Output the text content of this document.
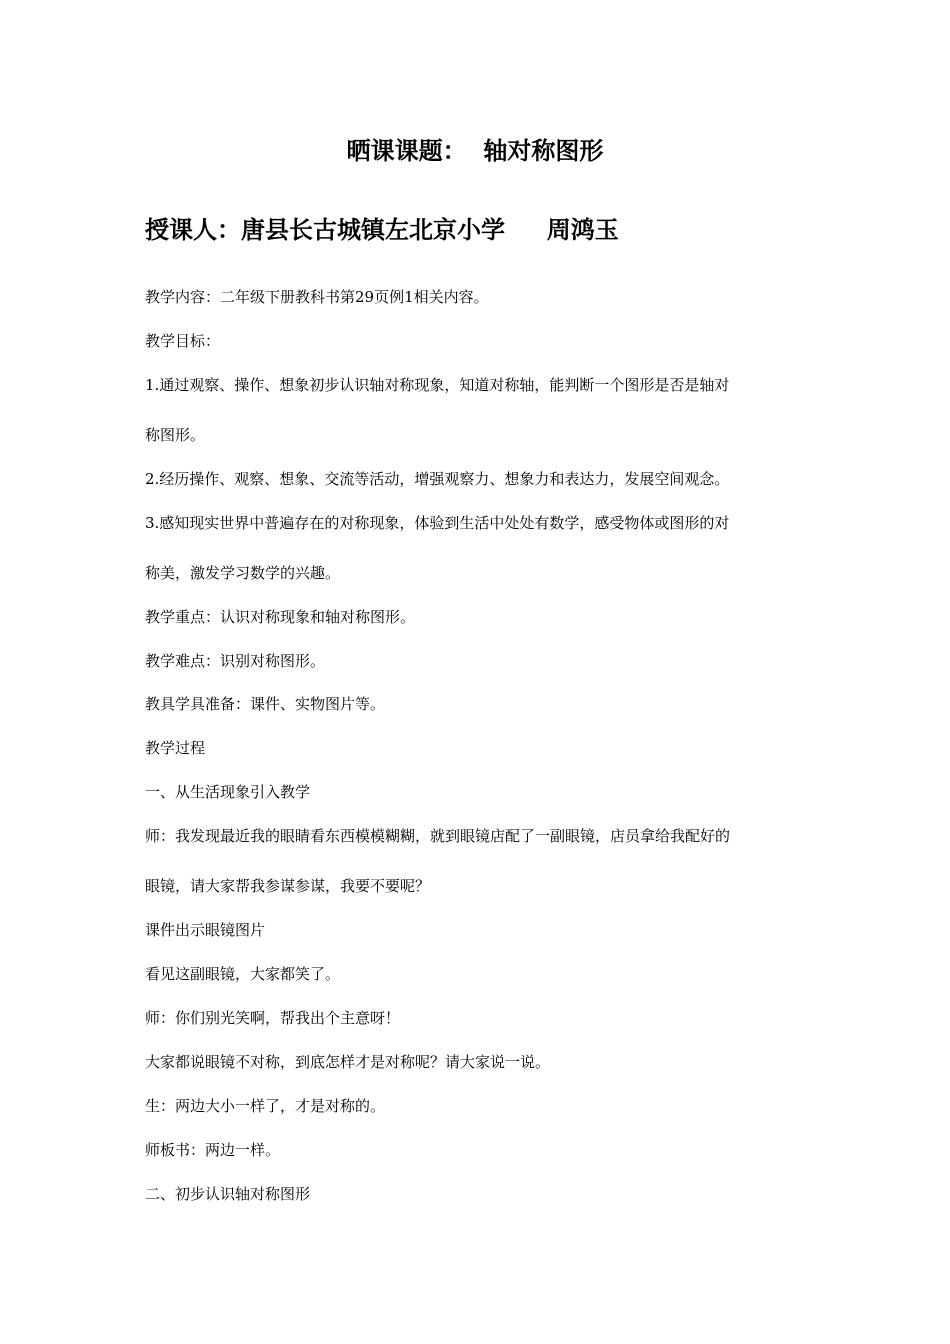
晒课课题：  轴对称图形
授课人：唐县长古城镇左北京小学     周鸿玉
教学内容：二年级下册教科书第29页例1相关内容。
教学目标：
1.通过观察、操作、想象初步认识轴对称现象，知道对称轴，能判断一个图形是否是轴对
称图形。
2.经历操作、观察、想象、交流等活动，增强观察力、想象力和表达力，发展空间观念。
3.感知现实世界中普遍存在的对称现象，体验到生活中处处有数学，感受物体或图形的对
称美，激发学习数学的兴趣。
教学重点：认识对称现象和轴对称图形。
教学难点：识别对称图形。
教具学具准备：课件、实物图片等。
教学过程
一、从生活现象引入教学
师：我发现最近我的眼睛看东西模模糊糊，就到眼镜店配了一副眼镜，店员拿给我配好的
眼镜，请大家帮我参谋参谋，我要不要呢？
课件出示眼镜图片
看见这副眼镜，大家都笑了。
师：你们别光笑啊，帮我出个主意呀！
大家都说眼镜不对称，到底怎样才是对称呢？请大家说一说。
生：两边大小一样了，才是对称的。
师板书：两边一样。
二、初步认识轴对称图形
